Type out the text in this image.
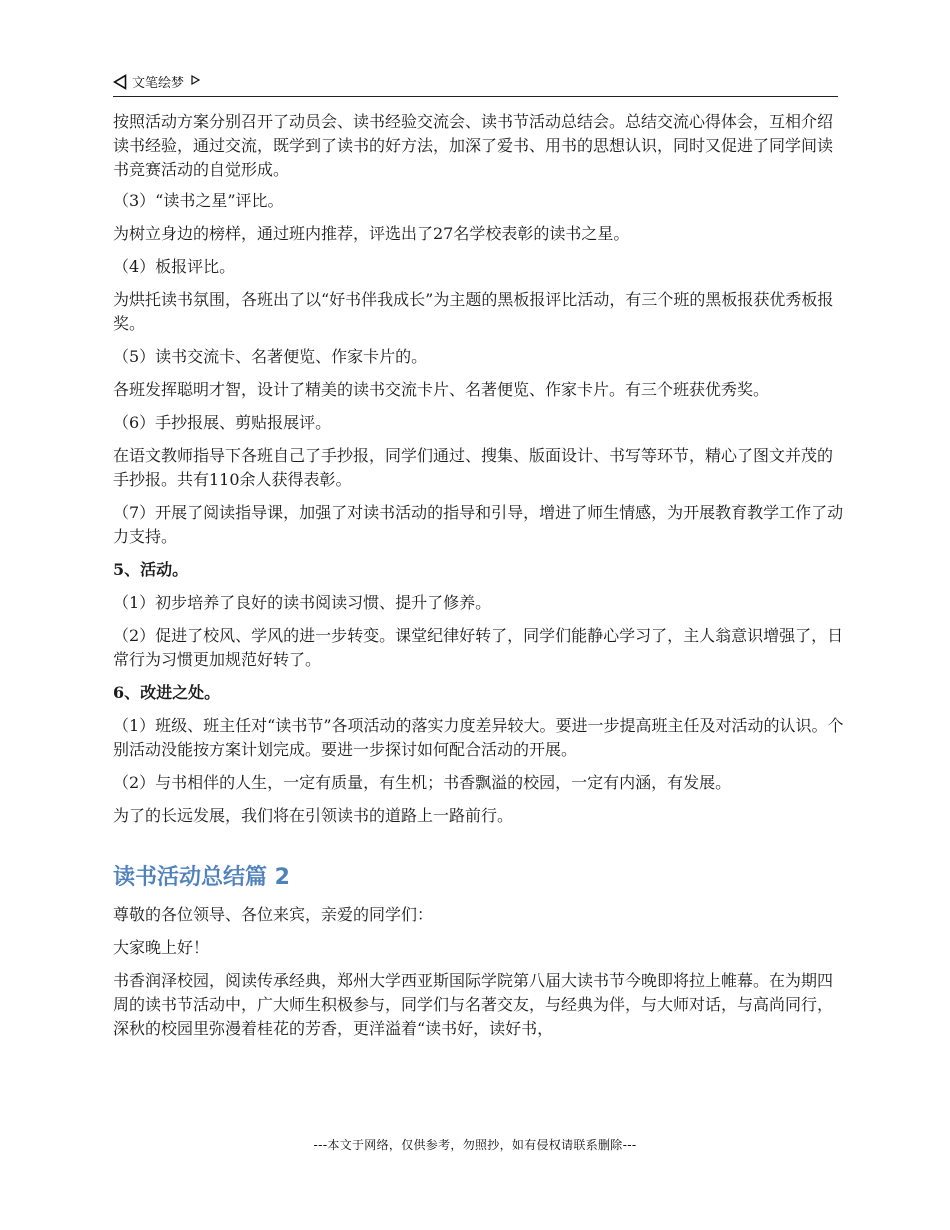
文笔绘梦

按照活动方案分别召开了动员会、读书经验交流会、读书节活动总结会。总结交流心得体会，互相介绍读书经验，通过交流，既学到了读书的好方法，加深了爱书、用书的思想认识，同时又促进了同学间读书竞赛活动的自觉形成。

（3）“读书之星”评比。

为树立身边的榜样，通过班内推荐，评选出了27名学校表彰的读书之星。

（4）板报评比。

为烘托读书氛围，各班出了以“好书伴我成长”为主题的黑板报评比活动，有三个班的黑板报获优秀板报奖。

（5）读书交流卡、名著便览、作家卡片的。

各班发挥聪明才智，设计了精美的读书交流卡片、名著便览、作家卡片。有三个班获优秀奖。

（6）手抄报展、剪贴报展评。

在语文教师指导下各班自己了手抄报，同学们通过、搜集、版面设计、书写等环节，精心了图文并茂的手抄报。共有110余人获得表彰。

（7）开展了阅读指导课，加强了对读书活动的指导和引导，增进了师生情感，为开展教育教学工作了动力支持。

5、活动。

（1）初步培养了良好的读书阅读习惯、提升了修养。

（2）促进了校风、学风的进一步转变。课堂纪律好转了，同学们能静心学习了，主人翁意识增强了，日常行为习惯更加规范好转了。

6、改进之处。

（1）班级、班主任对“读书节”各项活动的落实力度差异较大。要进一步提高班主任及对活动的认识。个别活动没能按方案计划完成。要进一步探讨如何配合活动的开展。

（2）与书相伴的人生，一定有质量，有生机；书香飘溢的校园，一定有内涵，有发展。

为了的长远发展，我们将在引领读书的道路上一路前行。

读书活动总结篇 2

尊敬的各位领导、各位来宾，亲爱的同学们：

大家晚上好！

书香润泽校园，阅读传承经典，郑州大学西亚斯国际学院第八届大读书节今晚即将拉上帷幕。在为期四周的读书节活动中，广大师生积极参与，同学们与名著交友，与经典为伴，与大师对话，与高尚同行，深秋的校园里弥漫着桂花的芳香，更洋溢着“读书好，读好书，

---本文于网络，仅供参考，勿照抄，如有侵权请联系删除---
